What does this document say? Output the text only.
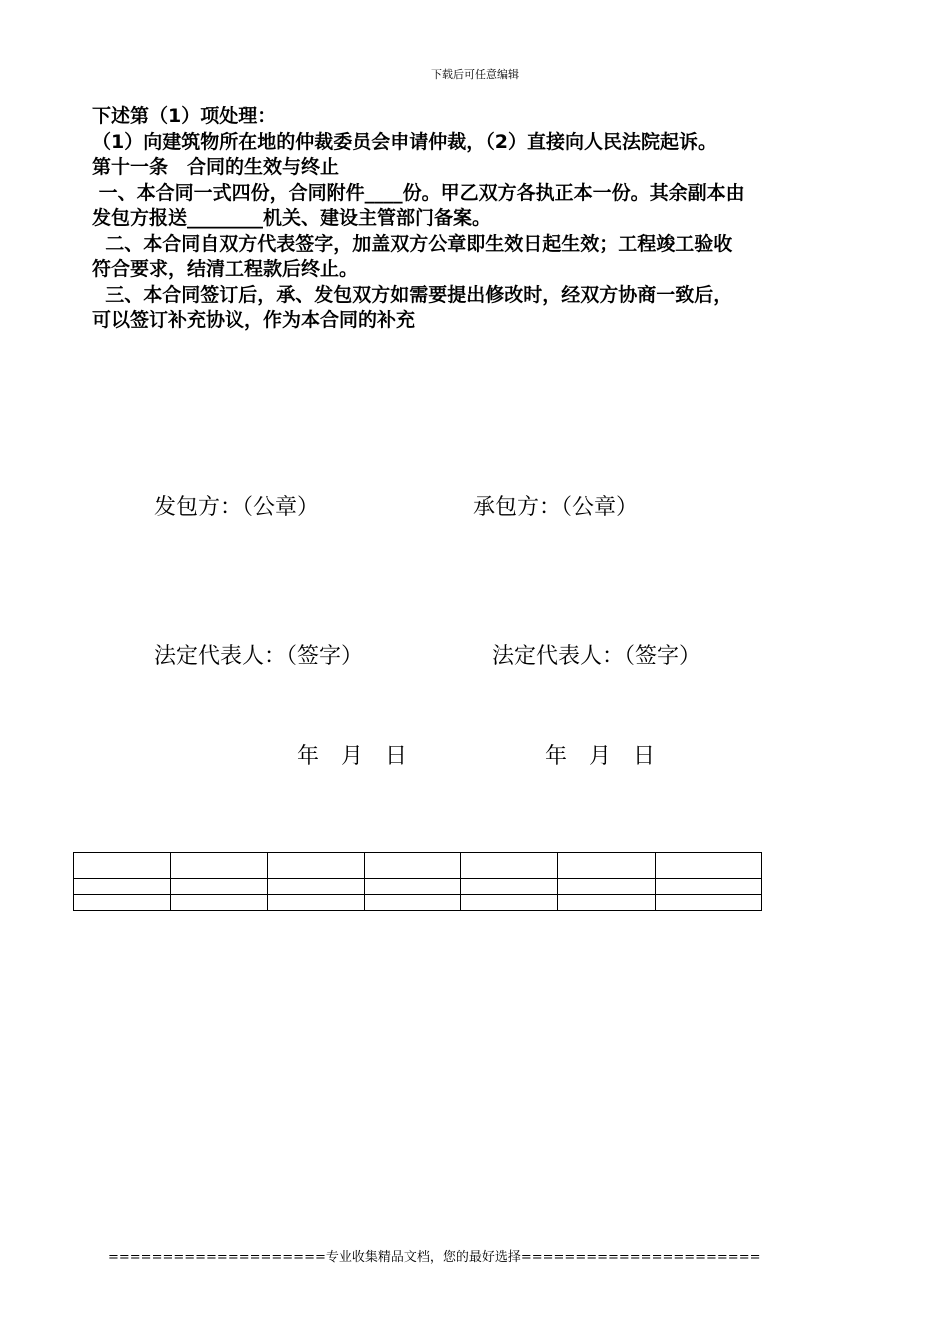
下载后可任意编辑

下述第（1）项处理：

（1）向建筑物所在地的仲裁委员会申请仲裁，（2）直接向人民法院起诉。

第十一条　合同的生效与终止

一、本合同一式四份，合同附件____份。甲乙双方各执正本一份。其余副本由

发包方报送________机关、建设主管部门备案。

二、本合同自双方代表签字，加盖双方公章即生效日起生效；工程竣工验收

符合要求，结清工程款后终止。

三、本合同签订后，承、发包双方如需要提出修改时，经双方协商一致后，

可以签订补充协议，作为本合同的补充

发包方：（公章）	承包方：（公章）
法定代表人：（签字）	法定代表人：（签字）
年  月  日	年  月  日

====================专业收集精品文档，您的最好选择======================
